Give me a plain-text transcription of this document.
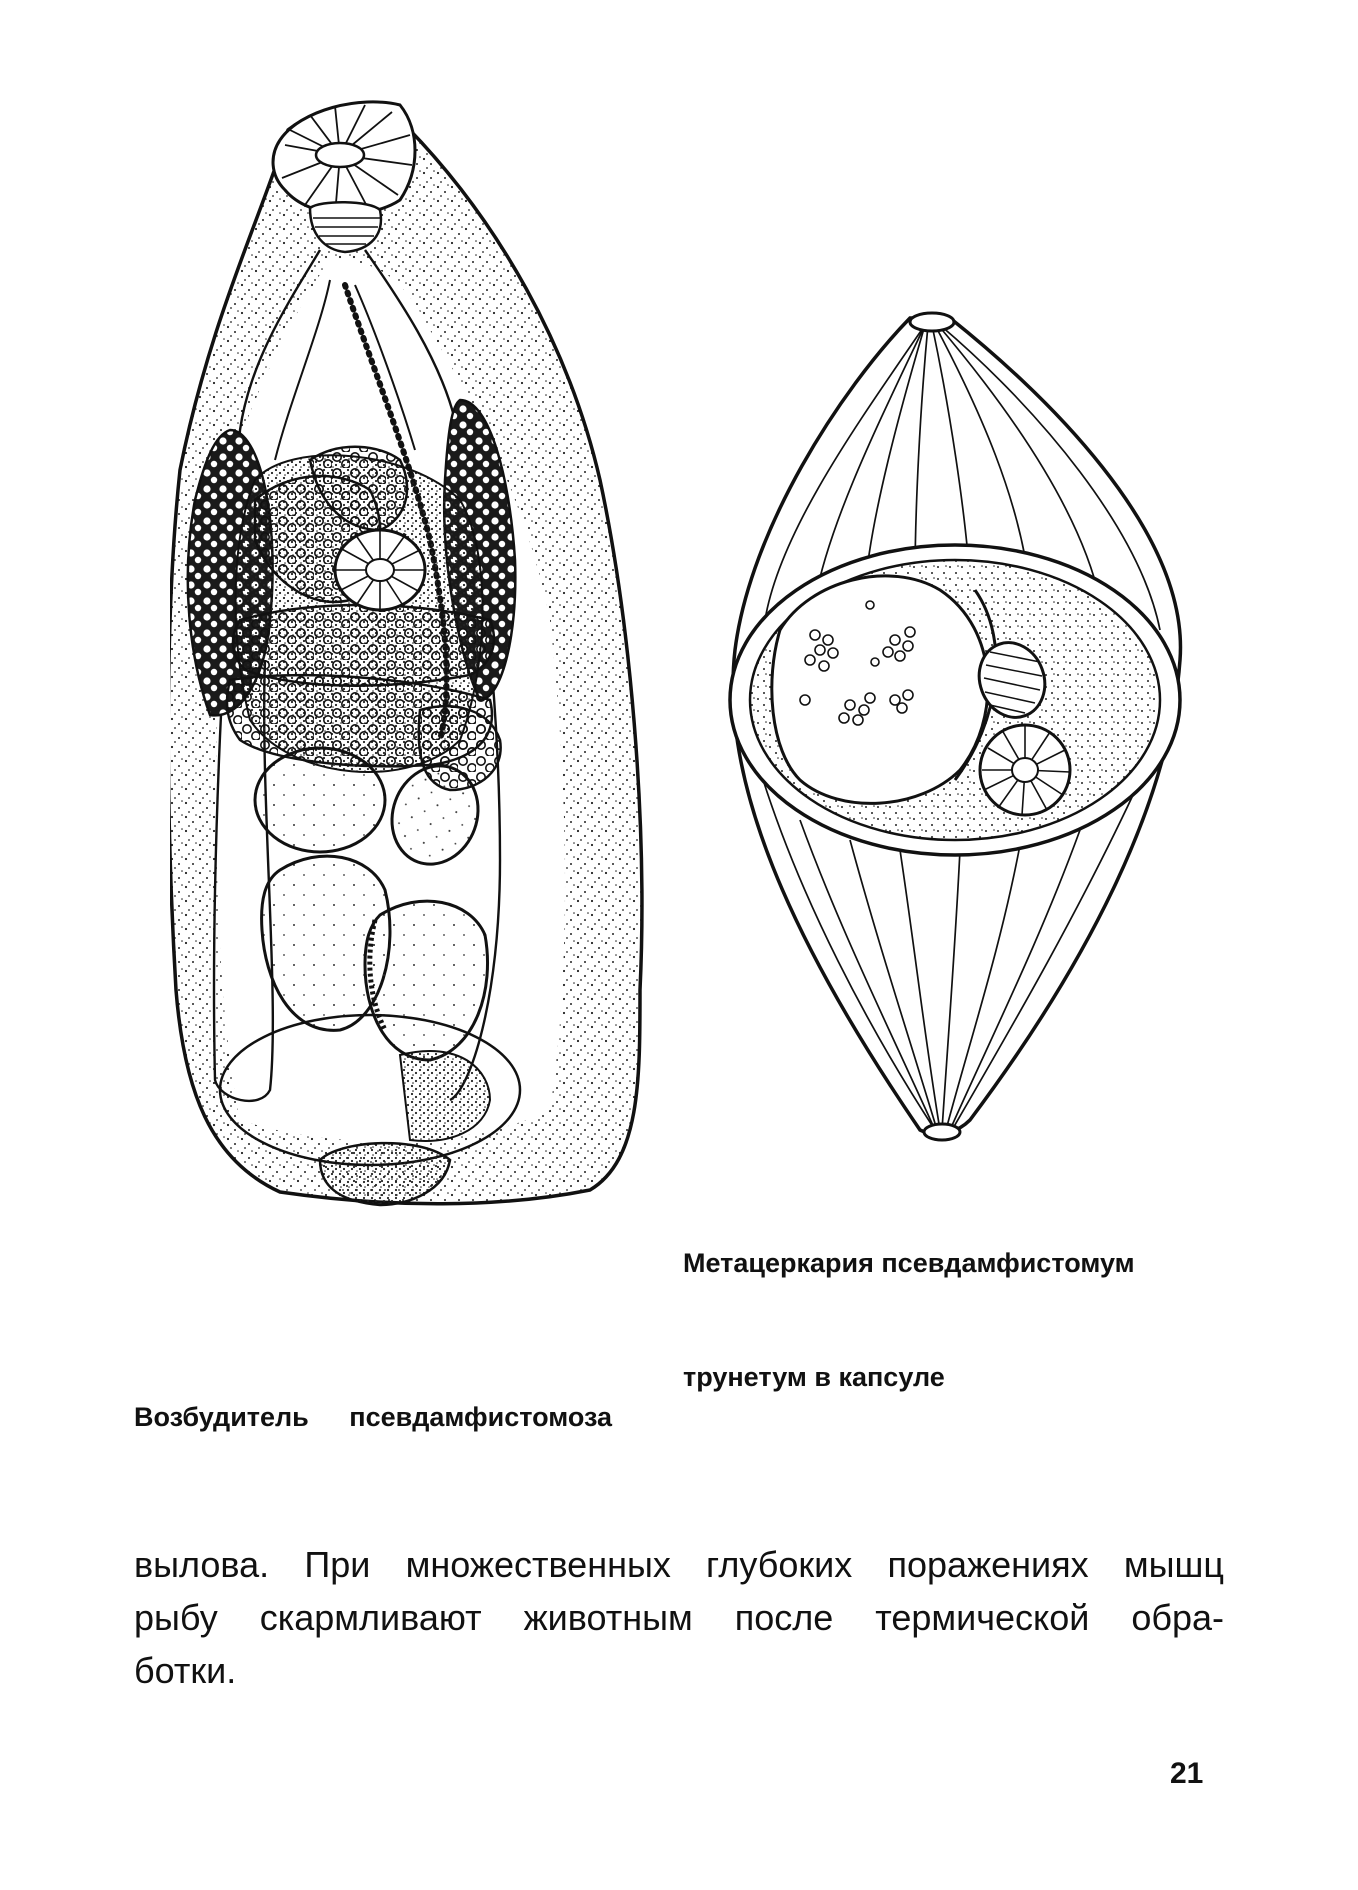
Метацеркария псевдамфистомум

трунетум в капсуле

Возбудитель   псевдамфистомоза
вылова. При множественных глубоких поражениях мышц
рыбу скармливают животным после термической обра-
ботки.
21
